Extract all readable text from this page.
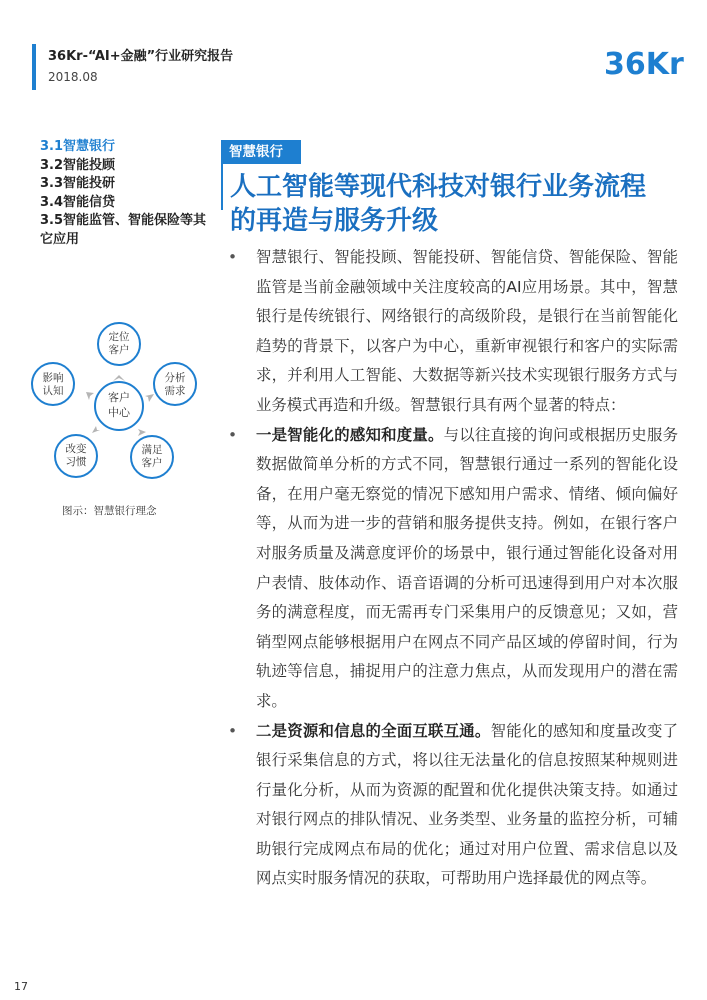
36Kr-“AI+金融”行业研究报告
2018.08	36Kr
3.1智慧银行
3.2智能投顾
3.3智能投研
3.4智能信贷
3.5智能监管、智能保险等其它应用
客户
中心
定位
客户
分析
需求
满足
客户
改变
习惯
影响
认知
图示：智慧银行理念
智慧银行
人工智能等现代科技对银行业务流程的再造与服务升级
• 智慧银行、智能投顾、智能投研、智能信贷、智能保险、智能监管是当前金融领域中关注度较高的AI应用场景。其中，智慧银行是传统银行、网络银行的高级阶段，是银行在当前智能化趋势的背景下，以客户为中心，重新审视银行和客户的实际需求，并利用人工智能、大数据等新兴技术实现银行服务方式与业务模式再造和升级。智慧银行具有两个显著的特点：
• 一是智能化的感知和度量。与以往直接的询问或根据历史服务数据做简单分析的方式不同，智慧银行通过一系列的智能化设备，在用户毫无察觉的情况下感知用户需求、情绪、倾向偏好等，从而为进一步的营销和服务提供支持。例如，在银行客户对服务质量及满意度评价的场景中，银行通过智能化设备对用户表情、肢体动作、语音语调的分析可迅速得到用户对本次服务的满意程度，而无需再专门采集用户的反馈意见；又如，营销型网点能够根据用户在网点不同产品区域的停留时间，行为轨迹等信息，捕捉用户的注意力焦点，从而发现用户的潜在需求。
• 二是资源和信息的全面互联互通。智能化的感知和度量改变了银行采集信息的方式，将以往无法量化的信息按照某种规则进行量化分析，从而为资源的配置和优化提供决策支持。如通过对银行网点的排队情况、业务类型、业务量的监控分析，可辅助银行完成网点布局的优化；通过对用户位置、需求信息以及网点实时服务情况的获取，可帮助用户选择最优的网点等。
17
